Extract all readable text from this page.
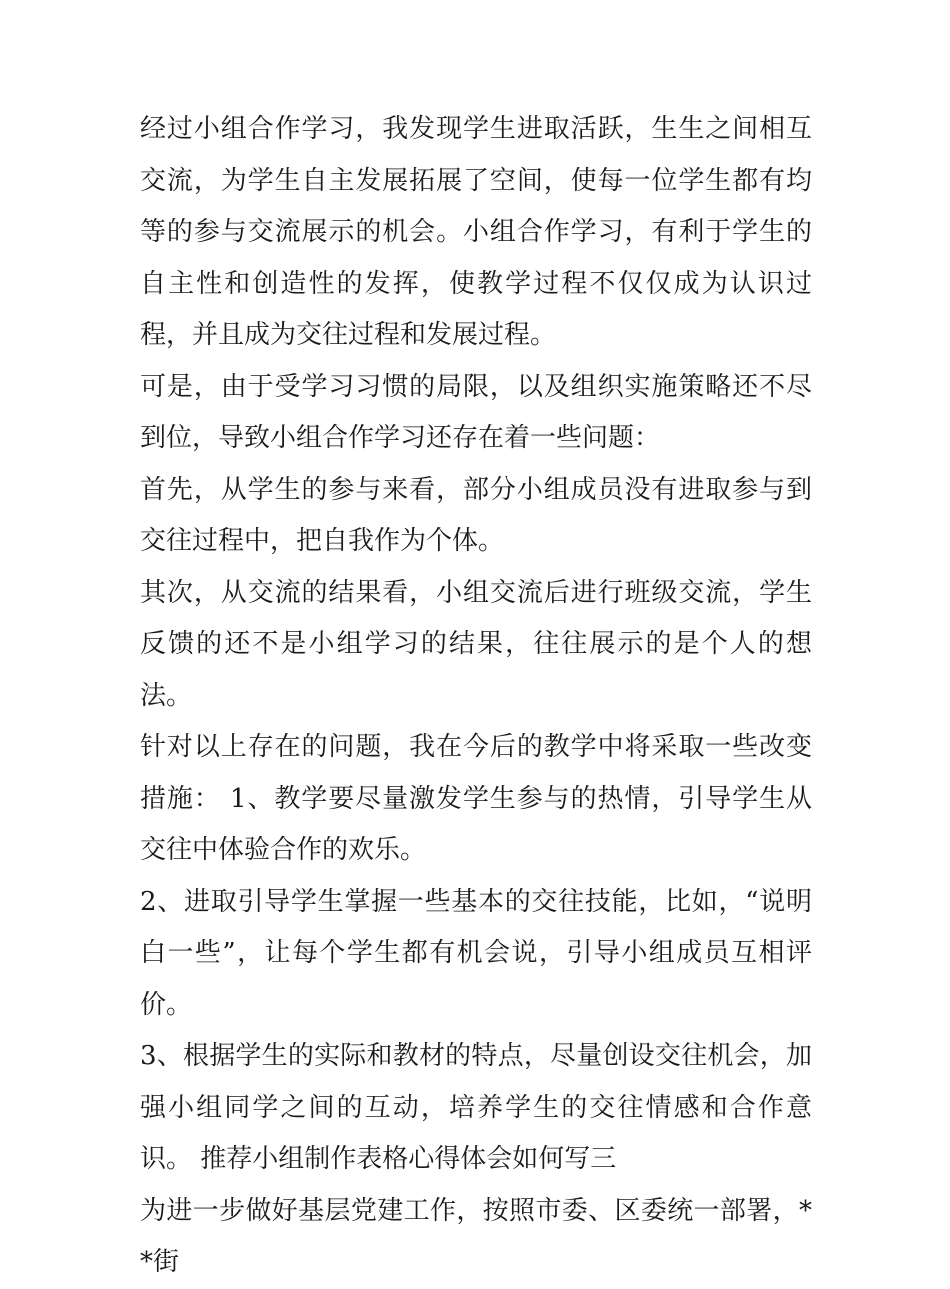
经过小组合作学习，我发现学生进取活跃，生生之间相互交流，为学生自主发展拓展了空间，使每一位学生都有均等的参与交流展示的机会。小组合作学习，有利于学生的自主性和创造性的发挥，使教学过程不仅仅成为认识过程，并且成为交往过程和发展过程。

可是，由于受学习习惯的局限，以及组织实施策略还不尽到位，导致小组合作学习还存在着一些问题：

首先，从学生的参与来看，部分小组成员没有进取参与到交往过程中，把自我作为个体。

其次，从交流的结果看，小组交流后进行班级交流，学生反馈的还不是小组学习的结果，往往展示的是个人的想法。

针对以上存在的问题，我在今后的教学中将采取一些改变措施： 1、教学要尽量激发学生参与的热情，引导学生从交往中体验合作的欢乐。

2、进取引导学生掌握一些基本的交往技能，比如，“说明白一些”，让每个学生都有机会说，引导小组成员互相评价。

3、根据学生的实际和教材的特点，尽量创设交往机会，加强小组同学之间的互动，培养学生的交往情感和合作意识。 推荐小组制作表格心得体会如何写三

为进一步做好基层党建工作，按照市委、区委统一部署，**街
